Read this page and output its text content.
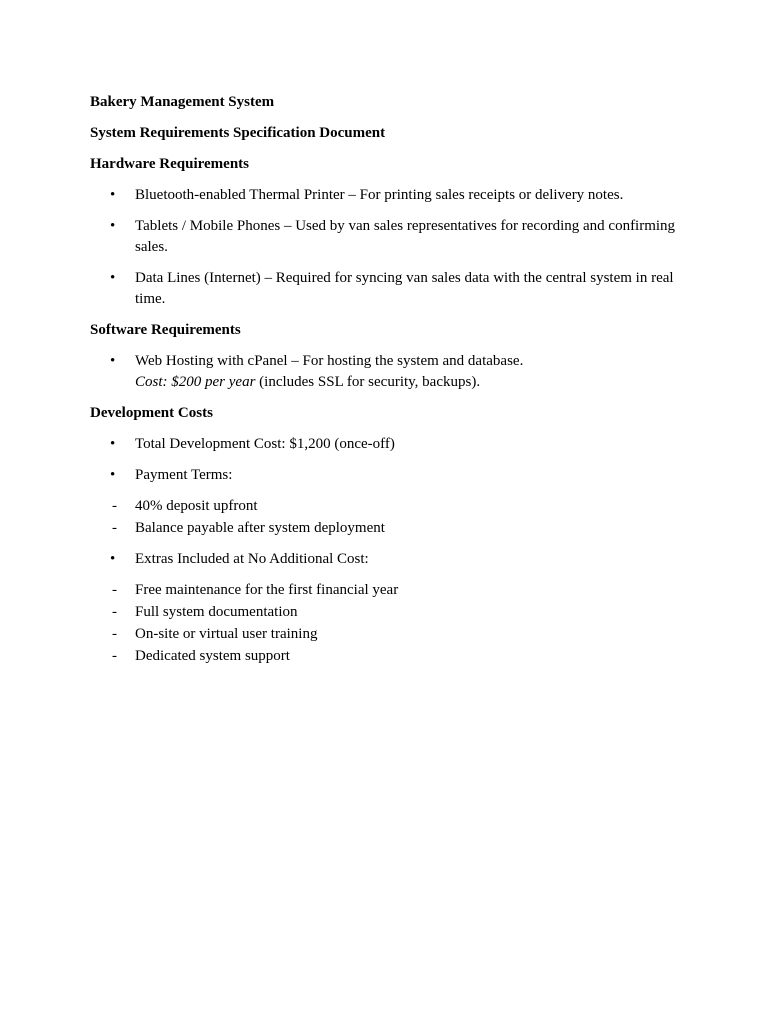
Bakery Management System

System Requirements Specification Document

Hardware Requirements

• Bluetooth-enabled Thermal Printer – For printing sales receipts or delivery notes.
• Tablets / Mobile Phones – Used by van sales representatives for recording and confirming sales.
• Data Lines (Internet) – Required for syncing van sales data with the central system in real time.

Software Requirements

• Web Hosting with cPanel – For hosting the system and database.
Cost: $200 per year (includes SSL for security, backups).

Development Costs

• Total Development Cost: $1,200 (once-off)
• Payment Terms:
- 40% deposit upfront
- Balance payable after system deployment
• Extras Included at No Additional Cost:
- Free maintenance for the first financial year
- Full system documentation
- On-site or virtual user training
- Dedicated system support
